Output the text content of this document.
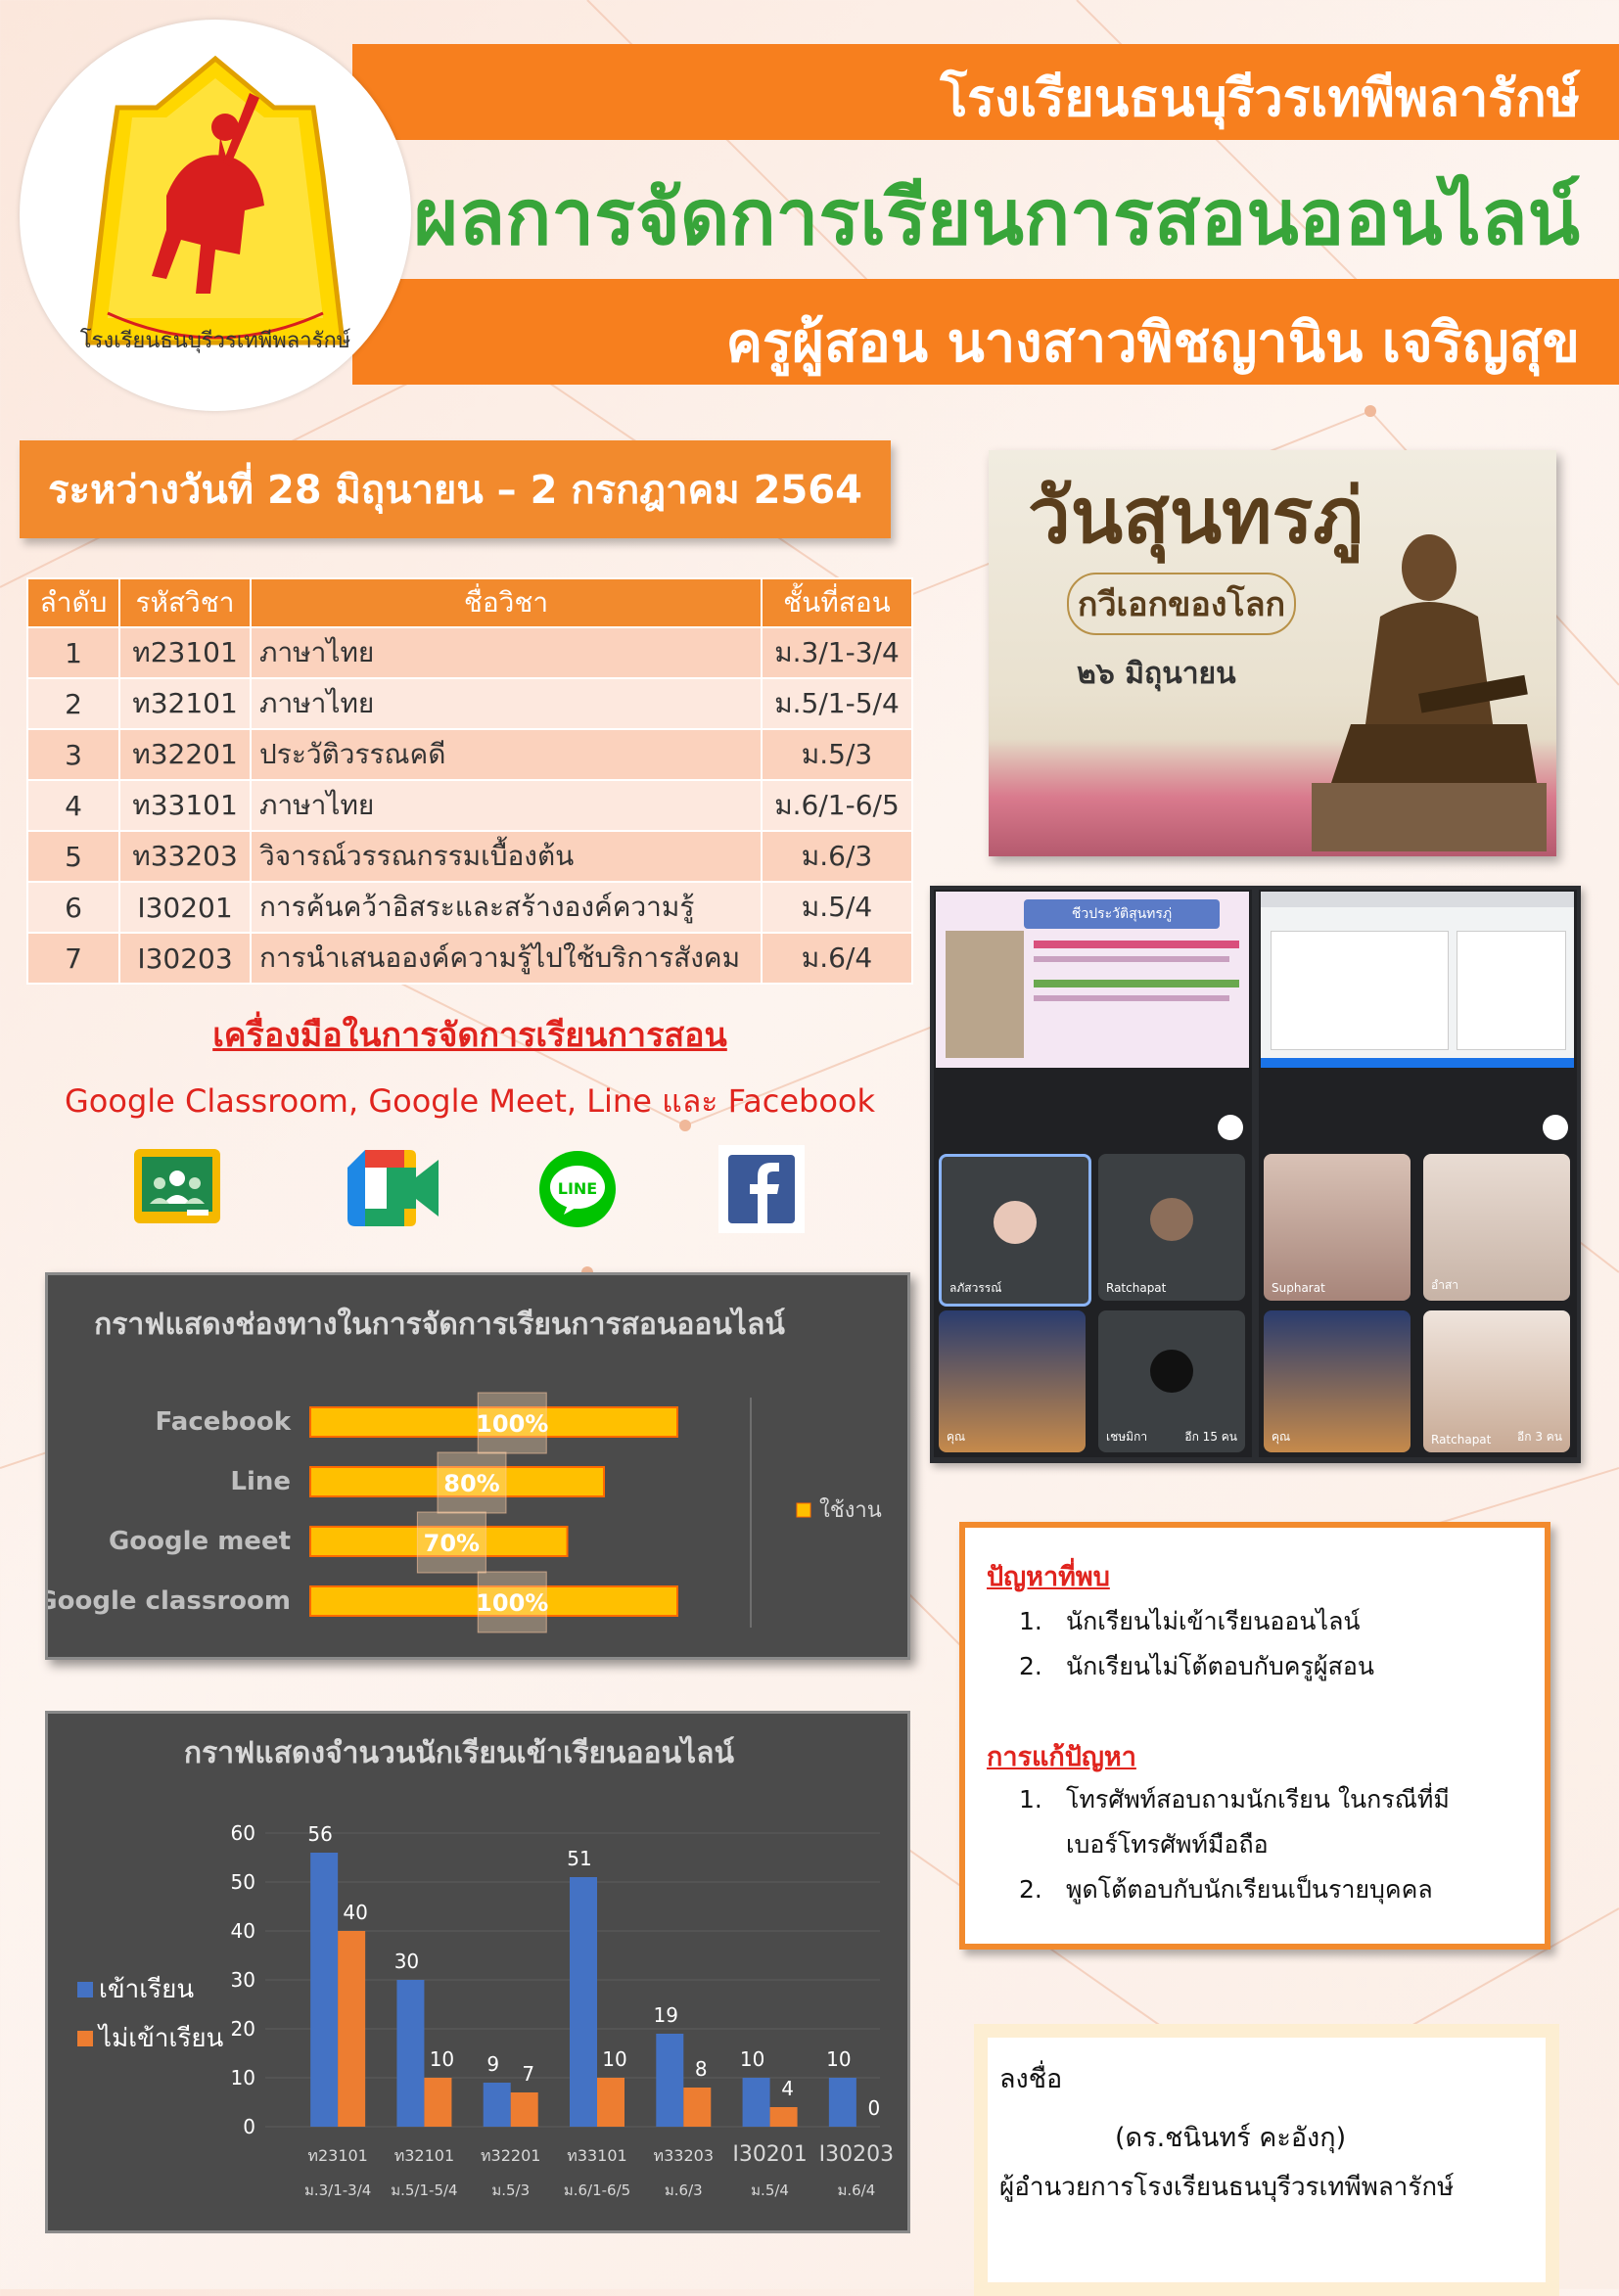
โรงเรียนธนบุรีวรเทพีพลารักษ์
ผลการจัดการเรียนการสอนออนไลน์
ครูผู้สอน นางสาวพิชญานิน เจริญสุข
โรงเรียนธนบุรีวรเทพีพลารักษ์
ระหว่างวันที่ 28 มิถุนายน – 2 กรกฎาคม 2564
ลำดับ	รหัสวิชา	ชื่อวิชา	ชั้นที่สอน
1	ท23101	ภาษาไทย	ม.3/1-3/4
2	ท32101	ภาษาไทย	ม.5/1-5/4
3	ท32201	ประวัติวรรณคดี	ม.5/3
4	ท33101	ภาษาไทย	ม.6/1-6/5
5	ท33203	วิจารณ์วรรณกรรมเบื้องต้น	ม.6/3
6	I30201	การค้นคว้าอิสระและสร้างองค์ความรู้	ม.5/4
7	I30203	การนำเสนอองค์ความรู้ไปใช้บริการสังคม	ม.6/4
เครื่องมือในการจัดการเรียนการสอน
Google Classroom, Google Meet, Line และ Facebook
LINE
วันสุนทรภู่
กวีเอกของโลก
๒๖ มิถุนายน
ชีวประวัติสุนทรภู่
ลภัสวรรณ์	Ratchapat
คุณ	เชษมิกา	อีก 15 คน
Supharat	อำสา
คุณ	Ratchapat อีก 3 คน
กราฟแสดงช่องทางในการจัดการเรียนการสอนออนไลน์
Facebook
Line
Google meet
Google classroom
100%
80%
70%
100%
ใช้งาน
กราฟแสดงจำนวนนักเรียนเข้าเรียนออนไลน์
56
40
30
10 9 7
51
10
19
8 10
4
10
0
0
10
20
30
40
50
60
ท23101
ม.3/1-3/4
ท32101
ม.5/1-5/4
ท32201
ม.5/3
ท33101
ม.6/1-6/5
ท33203
ม.6/3
I30201
ม.5/4
I30203
ม.6/4
เข้าเรียน
ไม่เข้าเรียน
ปัญหาที่พบ
1. นักเรียนไม่เข้าเรียนออนไลน์
2. นักเรียนไม่โต้ตอบกับครูผู้สอน
การแก้ปัญหา
1. โทรศัพท์สอบถามนักเรียน ในกรณีที่มี
เบอร์โทรศัพท์มือถือ
2. พูดโต้ตอบกับนักเรียนเป็นรายบุคคล
ลงชื่อ
(ดร.ชนินทร์ คะอังกุ)
ผู้อำนวยการโรงเรียนธนบุรีวรเทพีพลารักษ์
